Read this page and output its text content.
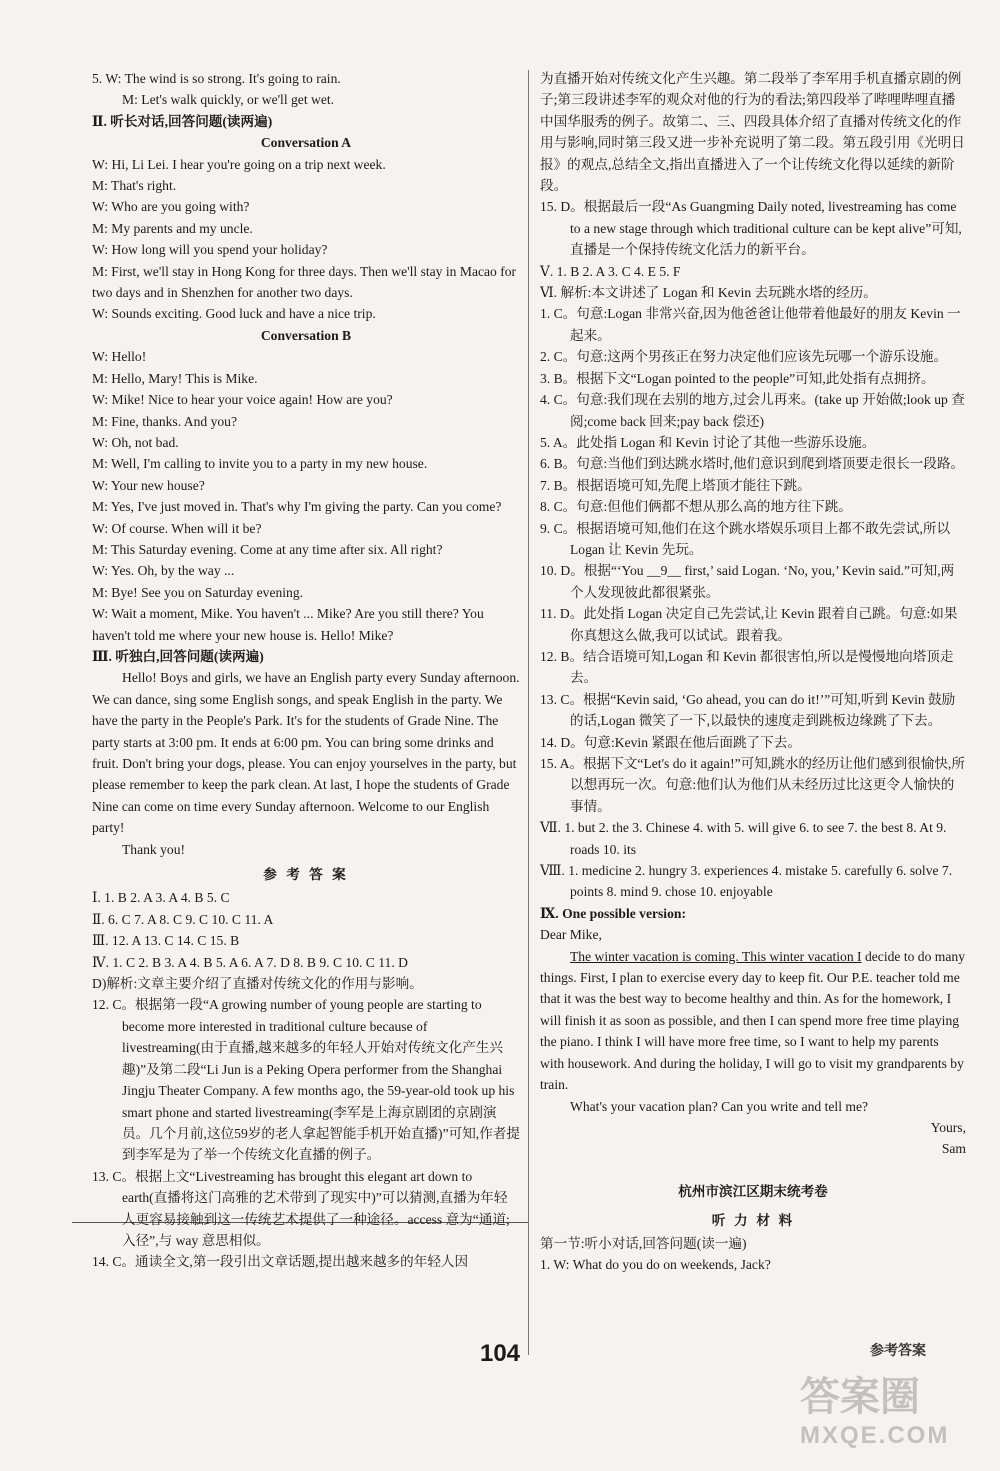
5. W: The wind is so strong. It's going to rain.
M: Let's walk quickly, or we'll get wet.
Ⅱ. 听长对话,回答问题(读两遍)
Conversation A
W: Hi, Li Lei. I hear you're going on a trip next week.
M: That's right.
W: Who are you going with?
M: My parents and my uncle.
W: How long will you spend your holiday?
M: First, we'll stay in Hong Kong for three days. Then we'll stay in Macao for two days and in Shenzhen for another two days.
W: Sounds exciting. Good luck and have a nice trip.
Conversation B
W: Hello!
M: Hello, Mary! This is Mike.
W: Mike! Nice to hear your voice again! How are you?
M: Fine, thanks. And you?
W: Oh, not bad.
M: Well, I'm calling to invite you to a party in my new house.
W: Your new house?
M: Yes, I've just moved in. That's why I'm giving the party. Can you come?
W: Of course. When will it be?
M: This Saturday evening. Come at any time after six. All right?
W: Yes. Oh, by the way ...
M: Bye! See you on Saturday evening.
W: Wait a moment, Mike. You haven't ... Mike? Are you still there? You haven't told me where your new house is. Hello! Mike?
Ⅲ. 听独白,回答问题(读两遍)
Hello! Boys and girls, we have an English party every Sunday afternoon. We can dance, sing some English songs, and speak English in the party. We have the party in the People's Park. It's for the students of Grade Nine. The party starts at 3:00 pm. It ends at 6:00 pm. You can bring some drinks and fruit. Don't bring your dogs, please. You can enjoy yourselves in the party, but please remember to keep the park clean. At last, I hope the students of Grade Nine can come on time every Sunday afternoon. Welcome to our English party!
Thank you!
参 考 答 案
Ⅰ. 1. B 2. A 3. A 4. B 5. C
Ⅱ. 6. C 7. A 8. C 9. C 10. C 11. A
Ⅲ. 12. A 13. C 14. C 15. B
Ⅳ. 1. C 2. B 3. A 4. B 5. A 6. A 7. D 8. B 9. C 10. C 11. D
D)解析:文章主要介绍了直播对传统文化的作用与影响。
12. C。根据第一段“A growing number of young people are starting to become more interested in traditional culture because of livestreaming(由于直播,越来越多的年轻人开始对传统文化产生兴趣)”及第二段“Li Jun is a Peking Opera performer from the Shanghai Jingju Theater Company. A few months ago, the 59-year-old took up his smart phone and started livestreaming(李军是上海京剧团的京剧演员。几个月前,这位59岁的老人拿起智能手机开始直播)”可知,作者提到李军是为了举一个传统文化直播的例子。
13. C。根据上文“Livestreaming has brought this elegant art down to earth(直播将这门高雅的艺术带到了现实中)”可以猜测,直播为年轻人更容易接触到这一传统艺术提供了一种途径。access 意为“通道;入径”,与 way 意思相似。
14. C。通读全文,第一段引出文章话题,提出越来越多的年轻人因
为直播开始对传统文化产生兴趣。第二段举了李军用手机直播京剧的例子;第三段讲述李军的观众对他的行为的看法;第四段举了哔哩哔哩直播中国华服秀的例子。故第二、三、四段具体介绍了直播对传统文化的作用与影响,同时第三段又进一步补充说明了第二段。第五段引用《光明日报》的观点,总结全文,指出直播进入了一个让传统文化得以延续的新阶段。
15. D。根据最后一段“As Guangming Daily noted, livestreaming has come to a new stage through which traditional culture can be kept alive”可知,直播是一个保持传统文化活力的新平台。
Ⅴ. 1. B 2. A 3. C 4. E 5. F
Ⅵ. 解析:本文讲述了 Logan 和 Kevin 去玩跳水塔的经历。
1. C。句意:Logan 非常兴奋,因为他爸爸让他带着他最好的朋友 Kevin 一起来。
2. C。句意:这两个男孩正在努力决定他们应该先玩哪一个游乐设施。
3. B。根据下文“Logan pointed to the people”可知,此处指有点拥挤。
4. C。句意:我们现在去别的地方,过会儿再来。(take up 开始做;look up 查阅;come back 回来;pay back 偿还)
5. A。此处指 Logan 和 Kevin 讨论了其他一些游乐设施。
6. B。句意:当他们到达跳水塔时,他们意识到爬到塔顶要走很长一段路。
7. B。根据语境可知,先爬上塔顶才能往下跳。
8. C。句意:但他们俩都不想从那么高的地方往下跳。
9. C。根据语境可知,他们在这个跳水塔娱乐项目上都不敢先尝试,所以 Logan 让 Kevin 先玩。
10. D。根据“‘You __9__ first,’ said Logan. ‘No, you,’ Kevin said.”可知,两个人发现彼此都很紧张。
11. D。此处指 Logan 决定自己先尝试,让 Kevin 跟着自己跳。句意:如果你真想这么做,我可以试试。跟着我。
12. B。结合语境可知,Logan 和 Kevin 都很害怕,所以是慢慢地向塔顶走去。
13. C。根据“Kevin said, ‘Go ahead, you can do it!’”可知,听到 Kevin 鼓励的话,Logan 微笑了一下,以最快的速度走到跳板边缘跳了下去。
14. D。句意:Kevin 紧跟在他后面跳了下去。
15. A。根据下文“Let's do it again!”可知,跳水的经历让他们感到很愉快,所以想再玩一次。句意:他们认为他们从未经历过比这更令人愉快的事情。
Ⅶ. 1. but 2. the 3. Chinese 4. with 5. will give 6. to see 7. the best 8. At 9. roads 10. its
Ⅷ. 1. medicine 2. hungry 3. experiences 4. mistake 5. carefully 6. solve 7. points 8. mind 9. chose 10. enjoyable
Ⅸ. One possible version:
Dear Mike,
The winter vacation is coming. This winter vacation I decide to do many things. First, I plan to exercise every day to keep fit. Our P.E. teacher told me that it was the best way to become healthy and thin. As for the homework, I will finish it as soon as possible, and then I can spend more free time playing the piano. I think I will have more free time, so I want to help my parents with housework. And during the holiday, I will go to visit my grandparents by train.
What's your vacation plan? Can you write and tell me?
Yours,
Sam
杭州市滨江区期末统考卷
听 力 材 料
第一节:听小对话,回答问题(读一遍)
1. W: What do you do on weekends, Jack?
104	参考答案
答案圈
MXQE.COM
